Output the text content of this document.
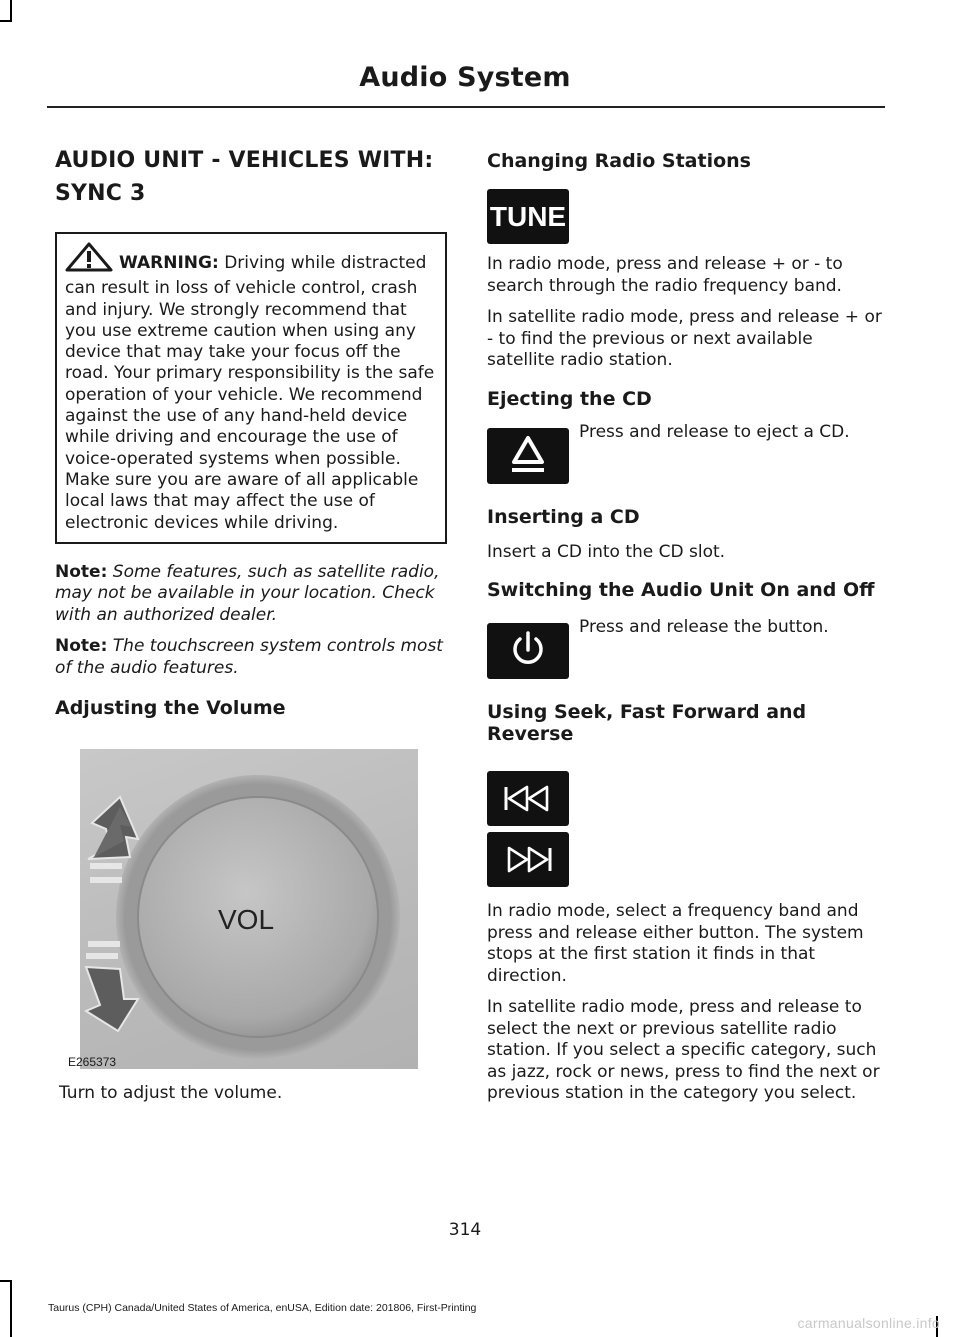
Audio System
AUDIO UNIT - VEHICLES WITH:
SYNC 3
WARNING: Driving while distracted can result in loss of vehicle control, crash and injury. We strongly recommend that you use extreme caution when using any device that may take your focus off the road. Your primary responsibility is the safe operation of your vehicle. We recommend against the use of any hand-held device while driving and encourage the use of voice-operated systems when possible. Make sure you are aware of all applicable local laws that may affect the use of electronic devices while driving.

Note: Some features, such as satellite radio, may not be available in your location. Check with an authorized dealer.

Note: The touchscreen system controls most of the audio features.

Adjusting the Volume
VOL
E265373

Turn to adjust the volume.

Changing Radio Stations
TUNE

In radio mode, press and release + or - to search through the radio frequency band.

In satellite radio mode, press and release + or - to find the previous or next available satellite radio station.

Ejecting the CD
Press and release to eject a CD.
Inserting a CD

Insert a CD into the CD slot.

Switching the Audio Unit On and Off
Press and release the button.
Using Seek, Fast Forward and Reverse

In radio mode, select a frequency band and press and release either button. The system stops at the first station it finds in that direction.

In satellite radio mode, press and release to select the next or previous satellite radio station. If you select a specific category, such as jazz, rock or news, press to find the next or previous station in the category you select.

314
Taurus (CPH) Canada/United States of America, enUSA, Edition date: 201806, First-Printing
carmanualsonline.info
